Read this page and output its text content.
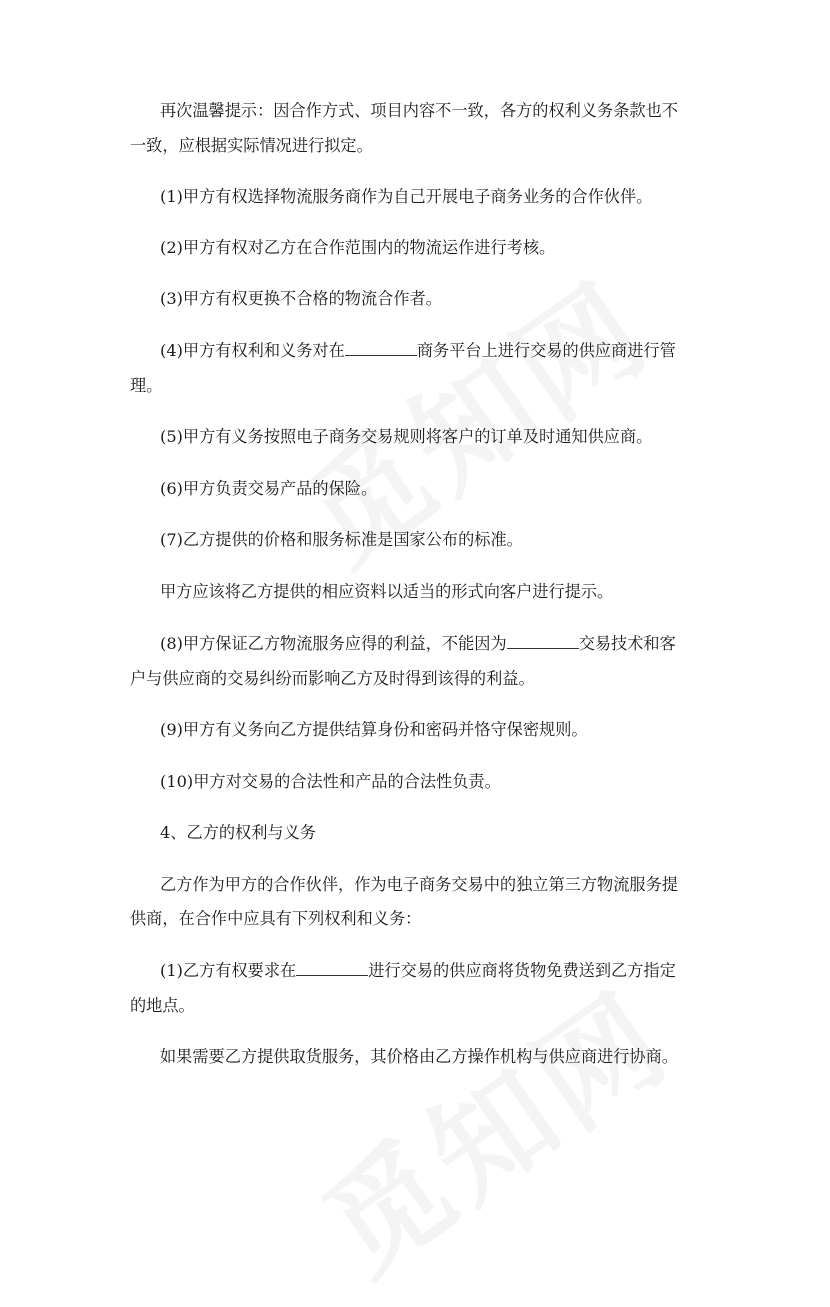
再次温馨提示：因合作方式、项目内容不一致，各方的权利义务条款也不
一致，应根据实际情况进行拟定。
(1)甲方有权选择物流服务商作为自己开展电子商务业务的合作伙伴。
(2)甲方有权对乙方在合作范围内的物流运作进行考核。
(3)甲方有权更换不合格的物流合作者。
(4)甲方有权利和义务对在	商务平台上进行交易的供应商进行管
理。
(5)甲方有义务按照电子商务交易规则将客户的订单及时通知供应商。
(6)甲方负责交易产品的保险。
(7)乙方提供的价格和服务标准是国家公布的标准。
甲方应该将乙方提供的相应资料以适当的形式向客户进行提示。
(8)甲方保证乙方物流服务应得的利益，不能因为	交易技术和客
户与供应商的交易纠纷而影响乙方及时得到该得的利益。
(9)甲方有义务向乙方提供结算身份和密码并恪守保密规则。
(10)甲方对交易的合法性和产品的合法性负责。
4、乙方的权利与义务
乙方作为甲方的合作伙伴，作为电子商务交易中的独立第三方物流服务提
供商，在合作中应具有下列权利和义务：
(1)乙方有权要求在	进行交易的供应商将货物免费送到乙方指定
的地点。
如果需要乙方提供取货服务，其价格由乙方操作机构与供应商进行协商。
